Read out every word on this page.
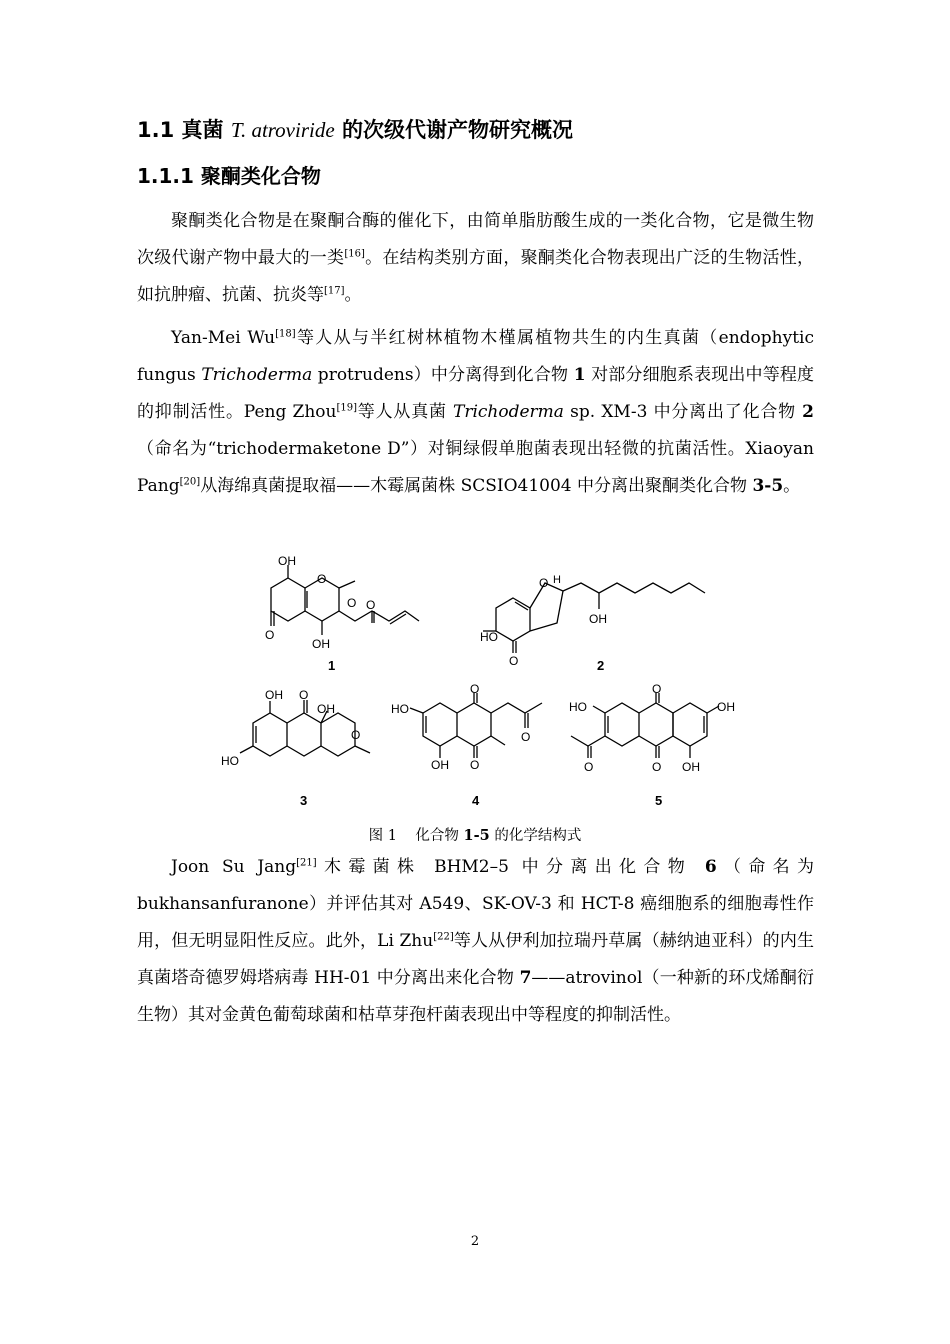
1.1 真菌 T. atroviride 的次级代谢产物研究概况
1.1.1 聚酮类化合物

聚酮类化合物是在聚酮合酶的催化下，由简单脂肪酸生成的一类化合物，它是微生物次级代谢产物中最大的一类[16]。在结构类别方面，聚酮类化合物表现出广泛的生物活性，如抗肿瘤、抗菌、抗炎等[17]。

Yan-Mei Wu[18]等人从与半红树林植物木槿属植物共生的内生真菌（endophytic fungus Trichoderma protrudens）中分离得到化合物 1 对部分细胞系表现出中等程度的抑制活性。Peng Zhou[19]等人从真菌 Trichoderma sp. XM-3 中分离出了化合物 2（命名为“trichodermaketone D”）对铜绿假单胞菌表现出轻微的抗菌活性。Xiaoyan Pang[20]从海绵真菌提取福——木霉属菌株 SCSIO41004 中分离出聚酮类化合物 3-5。

OH
O
O
OH
O
O
1
O H
OH
HO
O	2
OH O
OH
O
HO
3
HO
O
O
OH O
4
HO
O
OH
O	O OH
5
图 1 化合物 1-5 的化学结构式

Joon Su Jang[21]木霉菌株 BHM2–5 中分离出化合物 6（命名为 bukhansanfuranone）并评估其对 A549、SK-OV-3 和 HCT-8 癌细胞系的细胞毒性作用，但无明显阳性反应。此外，Li Zhu[22]等人从伊利加拉瑞丹草属（赫纳迪亚科）的内生真菌塔奇德罗姆塔病毒 HH-01 中分离出来化合物 7——atrovinol（一种新的环戊烯酮衍生物）其对金黄色葡萄球菌和枯草芽孢杆菌表现出中等程度的抑制活性。

2
